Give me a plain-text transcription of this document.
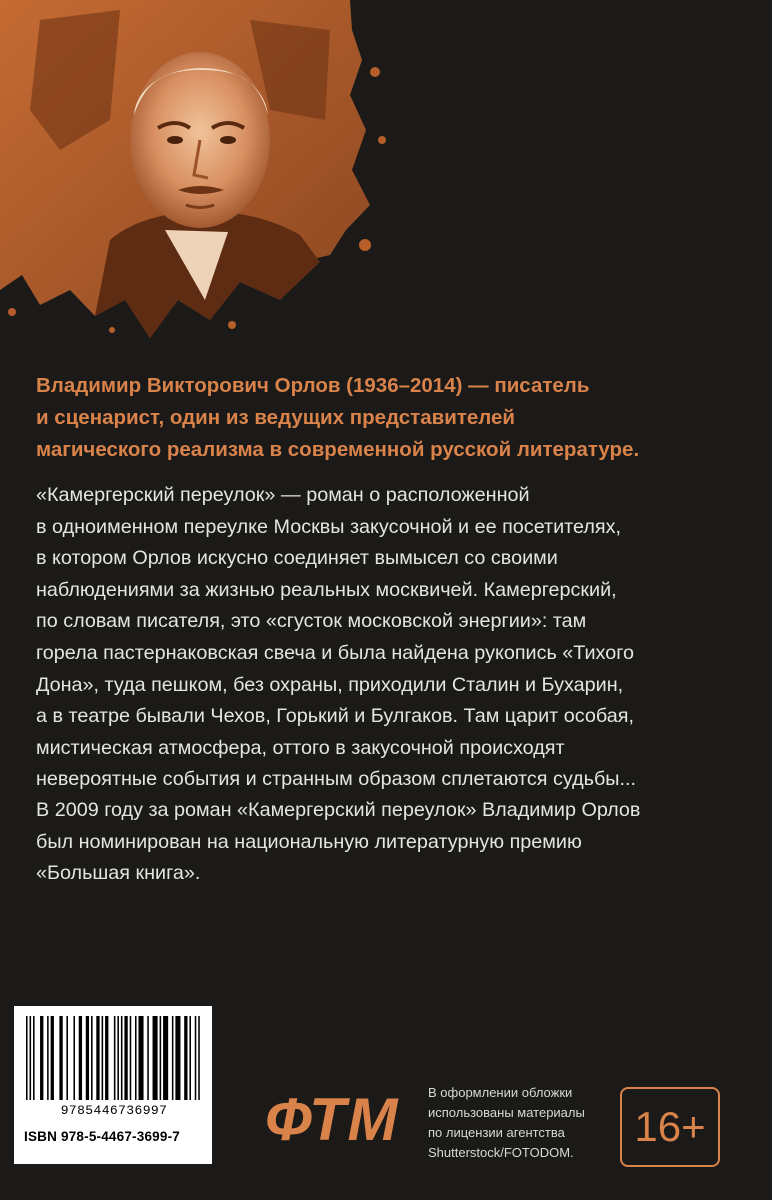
Владимир Викторович Орлов (1936–2014) — писатель
и сценарист, один из ведущих представителей
магического реализма в современной русской литературе.
«Камергерский переулок» — роман о расположенной
в одноименном переулке Москвы закусочной и ее посетителях,
в котором Орлов искусно соединяет вымысел со своими
наблюдениями за жизнью реальных москвичей. Камергерский,
по словам писателя, это «сгусток московской энергии»: там
горела пастернаковская свеча и была найдена рукопись «Тихого
Дона», туда пешком, без охраны, приходили Сталин и Бухарин,
а в театре бывали Чехов, Горький и Булгаков. Там царит особая,
мистическая атмосфера, оттого в закусочной происходят
невероятные события и странным образом сплетаются судьбы...
В 2009 году за роман «Камергерский переулок» Владимир Орлов
был номинирован на национальную литературную премию
«Большая книга».
9785446736997
ISBN 978-5-4467-3699-7	ФТМ В оформлении обложки
использованы материалы
по лицензии агентства
Shutterstock/FOTODOM.
16+
